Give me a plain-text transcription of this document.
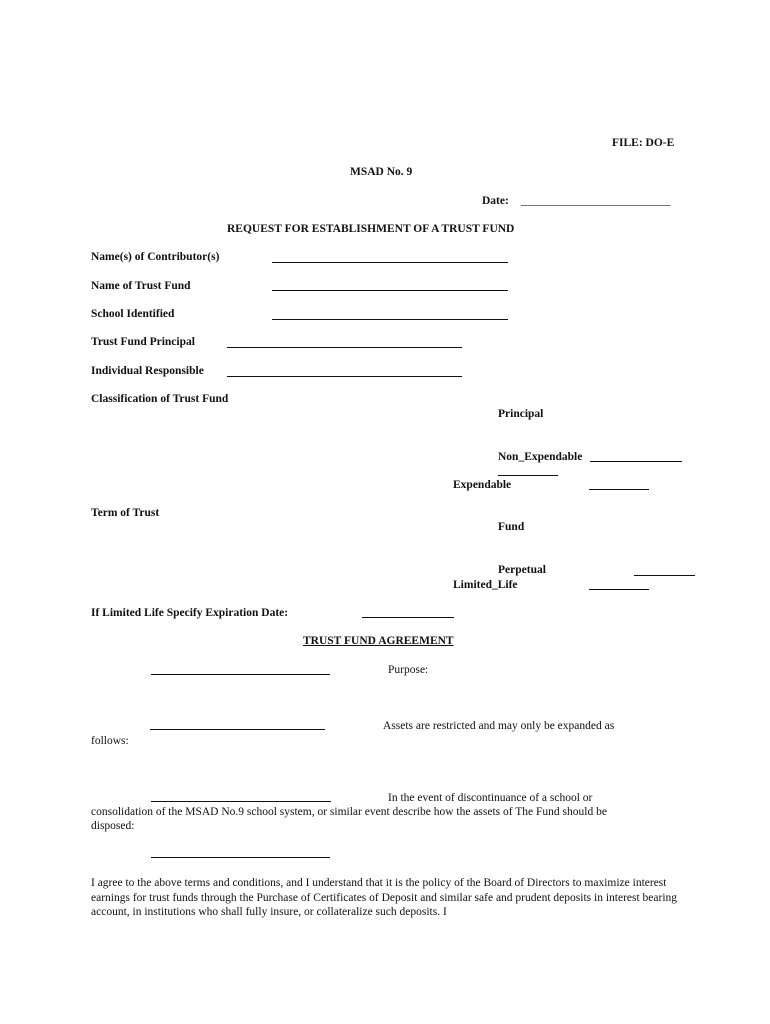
FILE: DO-E
MSAD No. 9
Date: __________________________
REQUEST FOR ESTABLISHMENT OF A TRUST FUND
Name(s) of Contributor(s)
Name of Trust Fund
School Identified
Trust Fund Principal
Individual Responsible
Classification of Trust Fund
Principal
Non_Expendable
Expendable
Term of Trust
Fund
Perpetual
Limited_Life
If Limited Life Specify Expiration Date:
TRUST FUND AGREEMENT
Purpose:
Assets are restricted and may only be expanded as
follows:
In the event of discontinuance of a school or
consolidation of the MSAD No.9 school system, or similar event describe how the assets of The Fund should be
disposed:
I agree to the above terms and conditions, and I understand that it is the policy of the Board of Directors to maximize interest earnings for trust funds through the Purchase of Certificates of Deposit and similar safe and prudent deposits in interest bearing account, in institutions who shall fully insure, or collateralize such deposits. I
